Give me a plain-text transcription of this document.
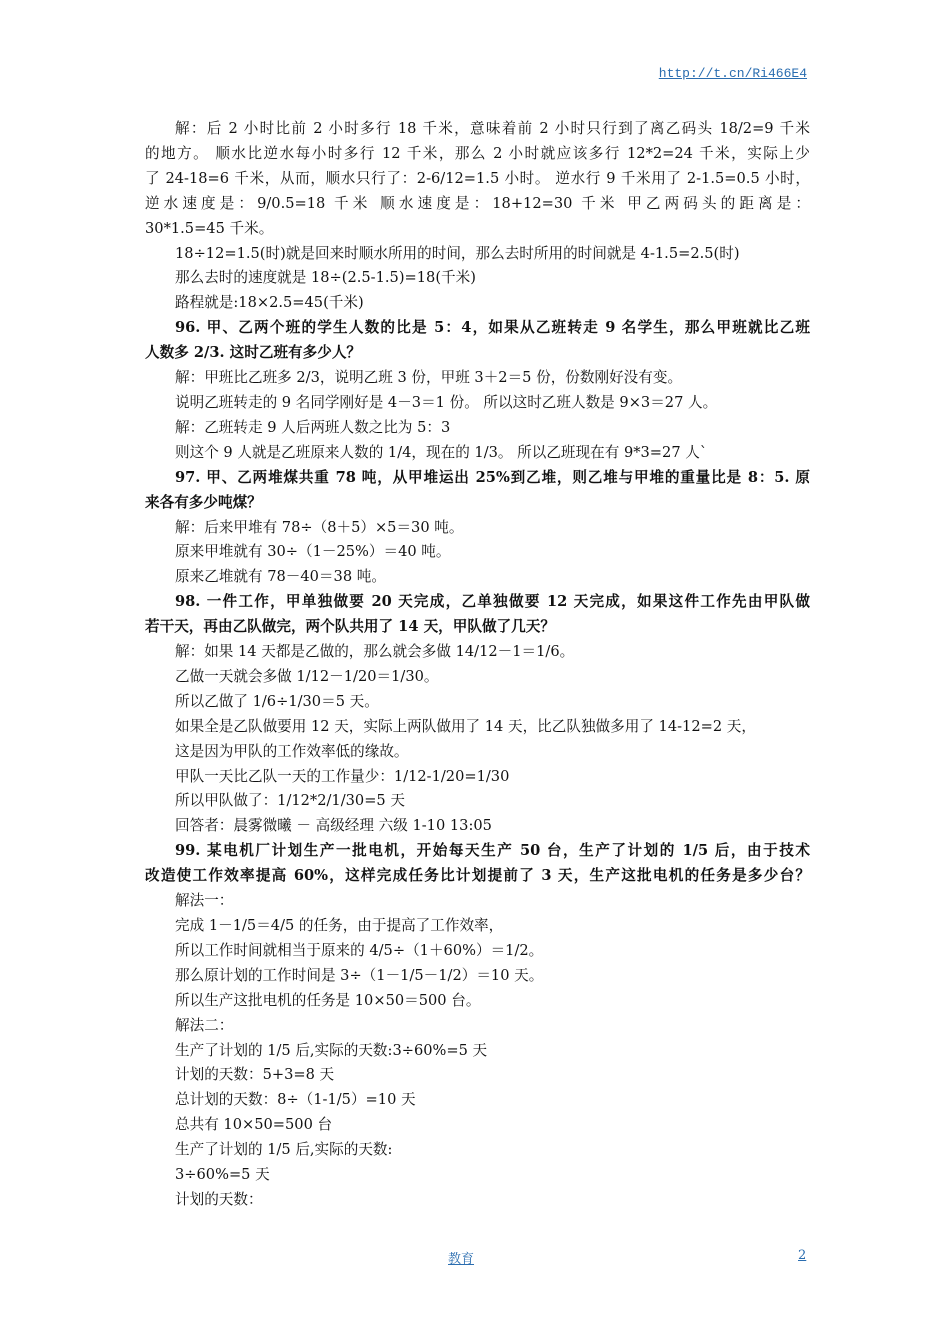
http://t.cn/Ri466E4
解：后 2 小时比前 2 小时多行 18 千米，意味着前 2 小时只行到了离乙码头 18/2=9 千米
的地方。 顺水比逆水每小时多行 12 千米，那么 2 小时就应该多行 12*2=24 千米，实际上少
了 24-18=6 千米，从而，顺水只行了：2-6/12=1.5 小时。 逆水行 9 千米用了 2-1.5=0.5 小时，
逆水速度是：9/0.5=18 千米 顺水速度是：18+12=30 千米 甲乙两码头的距离是：
30*1.5=45 千米。
18÷12=1.5(时)就是回来时顺水所用的时间，那么去时所用的时间就是 4-1.5=2.5(时)
那么去时的速度就是 18÷(2.5-1.5)=18(千米)
路程就是:18×2.5=45(千米)
96. 甲、乙两个班的学生人数的比是 5：4，如果从乙班转走 9 名学生，那么甲班就比乙班
人数多 2/3. 这时乙班有多少人？
解：甲班比乙班多 2/3，说明乙班 3 份，甲班 3＋2＝5 份，份数刚好没有变。
说明乙班转走的 9 名同学刚好是 4－3＝1 份。 所以这时乙班人数是 9×3＝27 人。
解：乙班转走 9 人后两班人数之比为 5：3
则这个 9 人就是乙班原来人数的 1/4，现在的 1/3。 所以乙班现在有 9*3=27 人`
97. 甲、乙两堆煤共重 78 吨，从甲堆运出 25%到乙堆，则乙堆与甲堆的重量比是 8：5. 原
来各有多少吨煤？
解：后来甲堆有 78÷（8＋5）×5＝30 吨。
原来甲堆就有 30÷（1－25%）＝40 吨。
原来乙堆就有 78－40＝38 吨。
98. 一件工作，甲单独做要 20 天完成，乙单独做要 12 天完成，如果这件工作先由甲队做
若干天，再由乙队做完，两个队共用了 14 天，甲队做了几天？
解：如果 14 天都是乙做的，那么就会多做 14/12－1＝1/6。
乙做一天就会多做 1/12－1/20＝1/30。
所以乙做了 1/6÷1/30＝5 天。
如果全是乙队做要用 12 天，实际上两队做用了 14 天，比乙队独做多用了 14-12=2 天，
这是因为甲队的工作效率低的缘故。
甲队一天比乙队一天的工作量少：1/12-1/20=1/30
所以甲队做了：1/12*2/1/30=5 天
回答者：晨雾微曦 － 高级经理 六级 1-10 13:05
99. 某电机厂计划生产一批电机，开始每天生产 50 台，生产了计划的 1/5 后，由于技术
改造使工作效率提高 60%，这样完成任务比计划提前了 3 天，生产这批电机的任务是多少台？
解法一：
完成 1－1/5＝4/5 的任务，由于提高了工作效率，
所以工作时间就相当于原来的 4/5÷（1＋60%）＝1/2。
那么原计划的工作时间是 3÷（1－1/5－1/2）＝10 天。
所以生产这批电机的任务是 10×50＝500 台。
解法二：
生产了计划的 1/5 后,实际的天数:3÷60%=5 天
计划的天数：5+3=8 天
总计划的天数：8÷（1-1/5）=10 天
总共有 10×50=500 台
生产了计划的 1/5 后,实际的天数:
3÷60%=5 天
计划的天数：
教育	2
